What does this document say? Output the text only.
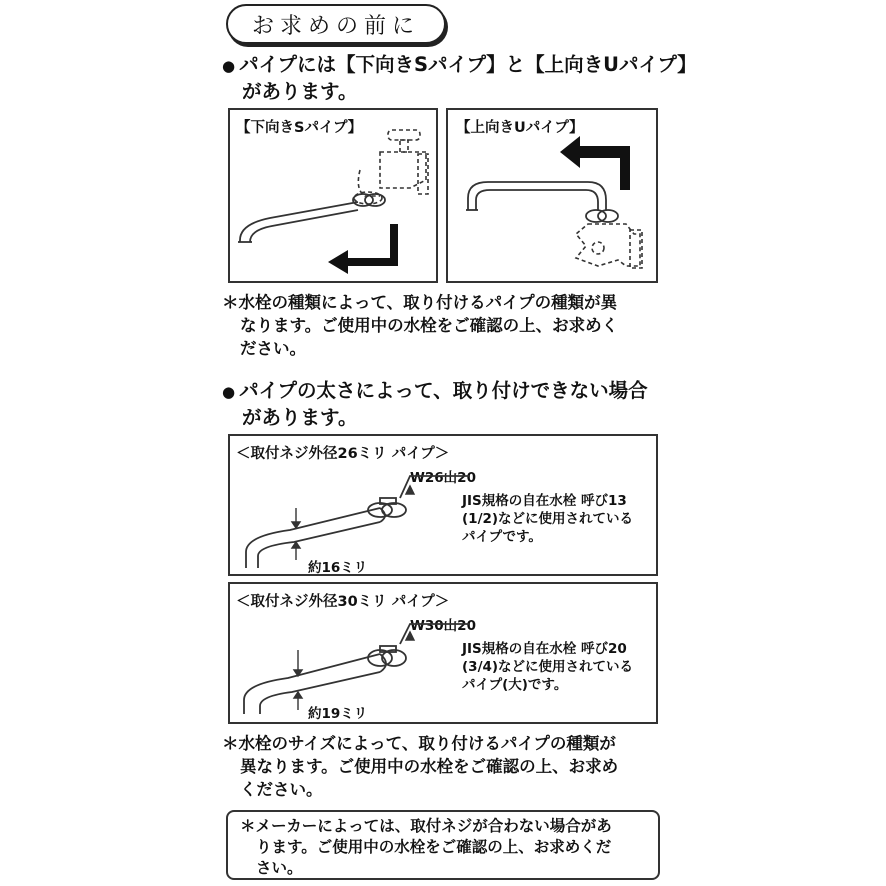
お求めの前に
● パイプには【下向きSパイプ】と【上向きUパイプ】
があります。
【下向きSパイプ】	【上向きUパイプ】
＊水栓の種類によって、取り付けるパイプの種類が異
なります。ご使用中の水栓をご確認の上、お求めく
ださい。
● パイプの太さによって、取り付けできない場合
があります。
＜取付ネジ外径26ミリ パイプ＞
W26山20
JIS規格の自在水栓 呼び13
(1/2)などに使用されている
パイプです。
約16ミリ
＜取付ネジ外径30ミリ パイプ＞
W30山20
JIS規格の自在水栓 呼び20
(3/4)などに使用されている
パイプ(大)です。
約19ミリ
＊水栓のサイズによって、取り付けるパイプの種類が
異なります。ご使用中の水栓をご確認の上、お求め
ください。
＊メーカーによっては、取付ネジが合わない場合があ
ります。ご使用中の水栓をご確認の上、お求めくだ
さい。
